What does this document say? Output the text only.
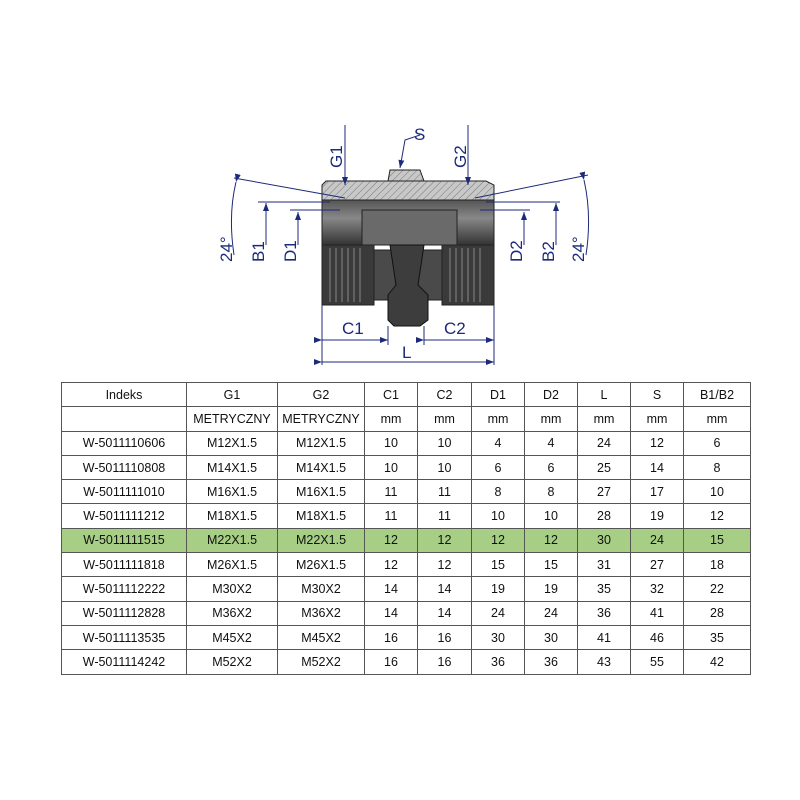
S
G1	G2
24° B1 D1	D2 B2 24°
C1	C2
L
Indeks	G1	G2	C1	C2	D1	D2	L	S	B1/B2
	METRYCZNY	METRYCZNY	mm	mm	mm	mm	mm	mm	mm
W-5011110606	M12X1.5	M12X1.5	10	10	4	4	24	12	6
W-5011110808	M14X1.5	M14X1.5	10	10	6	6	25	14	8
W-5011111010	M16X1.5	M16X1.5	11	11	8	8	27	17	10
W-5011111212	M18X1.5	M18X1.5	11	11	10	10	28	19	12
W-5011111515	M22X1.5	M22X1.5	12	12	12	12	30	24	15
W-5011111818	M26X1.5	M26X1.5	12	12	15	15	31	27	18
W-5011112222	M30X2	M30X2	14	14	19	19	35	32	22
W-5011112828	M36X2	M36X2	14	14	24	24	36	41	28
W-5011113535	M45X2	M45X2	16	16	30	30	41	46	35
W-5011114242	M52X2	M52X2	16	16	36	36	43	55	42
